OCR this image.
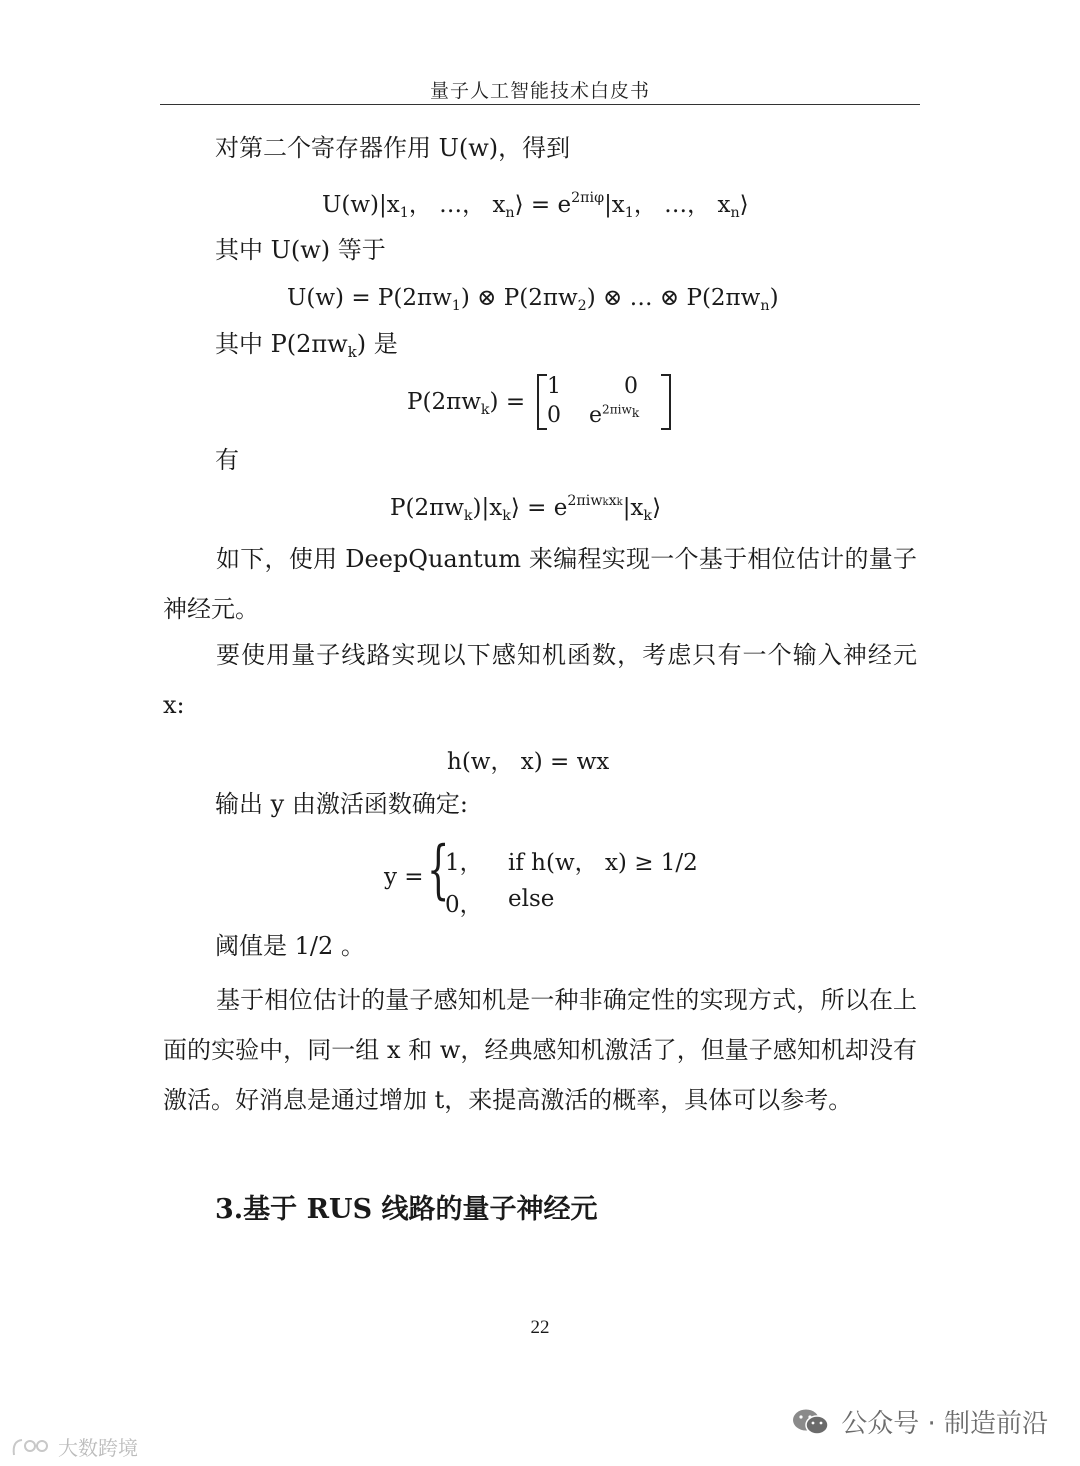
量子人工智能技术白皮书
对第二个寄存器作用 U(w)，得到
$U(w)|x_1$， …， $x_n⟩ = e^{2\pi i\varphi}|x_1$， …， $x_n⟩$
其中 U(w) 等于
$U(w) = P(2\pi w_1)$ ⊗ $P(2\pi w_2)$ ⊗ … ⊗ $P(2\pi w_n)$
其中 $P(2\pi w_k)$ 是
$P(2\pi w_k)$ =
1	0
0 $e^{2\pi iw}_k$
有
$P(2\pi w_k)|x_k⟩$ = $e^{2\pi iwkxk}|x_k⟩$
如下，使用 DeepQuantum 来编程实现一个基于相位估计的量子神经元。
要使用量子线路实现以下感知机函数，考虑只有一个输入神经元 x:
h(w， x) = wx
输出 y 由激活函数确定:
y = {
1， if h(w， x) ≥ 1/2
0， else
阈值是 1/2 。
基于相位估计的量子感知机是一种非确定性的实现方式，所以在上面的实验中，同一组 x 和 w，经典感知机激活了，但量子感知机却没有激活。好消息是通过增加 t，来提高激活的概率，具体可以参考。
3.基于 RUS 线路的量子神经元
22
大数跨境
公众号 · 制造前沿
